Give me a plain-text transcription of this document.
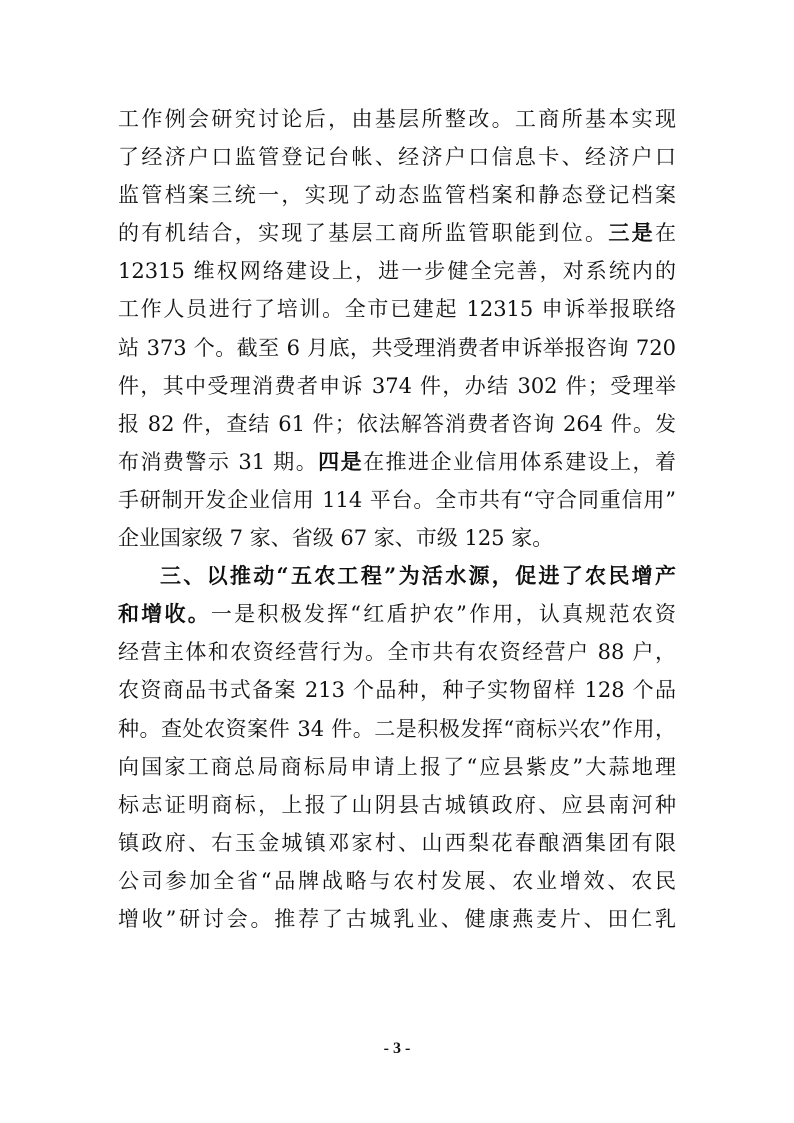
工作例会研究讨论后，由基层所整改。工商所基本实现
了经济户口监管登记台帐、经济户口信息卡、经济户口
监管档案三统一，实现了动态监管档案和静态登记档案
的有机结合，实现了基层工商所监管职能到位。三是在
12315 维权网络建设上，进一步健全完善，对系统内的
工作人员进行了培训。全市已建起 12315 申诉举报联络
站 373 个。截至 6 月底，共受理消费者申诉举报咨询 720
件，其中受理消费者申诉 374 件，办结 302 件；受理举
报 82 件，查结 61 件；依法解答消费者咨询 264 件。发
布消费警示 31 期。四是在推进企业信用体系建设上，着
手研制开发企业信用 114 平台。全市共有“守合同重信用”
企业国家级 7 家、省级 67 家、市级 125 家。
三、以推动“五农工程”为活水源，促进了农民增产
和增收。一是积极发挥“红盾护农”作用，认真规范农资
经营主体和农资经营行为。全市共有农资经营户 88 户，
农资商品书式备案 213 个品种，种子实物留样 128 个品
种。查处农资案件 34 件。二是积极发挥“商标兴农”作用，
向国家工商总局商标局申请上报了“应县紫皮”大蒜地理
标志证明商标，上报了山阴县古城镇政府、应县南河种
镇政府、右玉金城镇邓家村、山西梨花春酿酒集团有限
公司参加全省“品牌战略与农村发展、农业增效、农民
增收”研讨会。推荐了古城乳业、健康燕麦片、田仁乳
- 3 -
